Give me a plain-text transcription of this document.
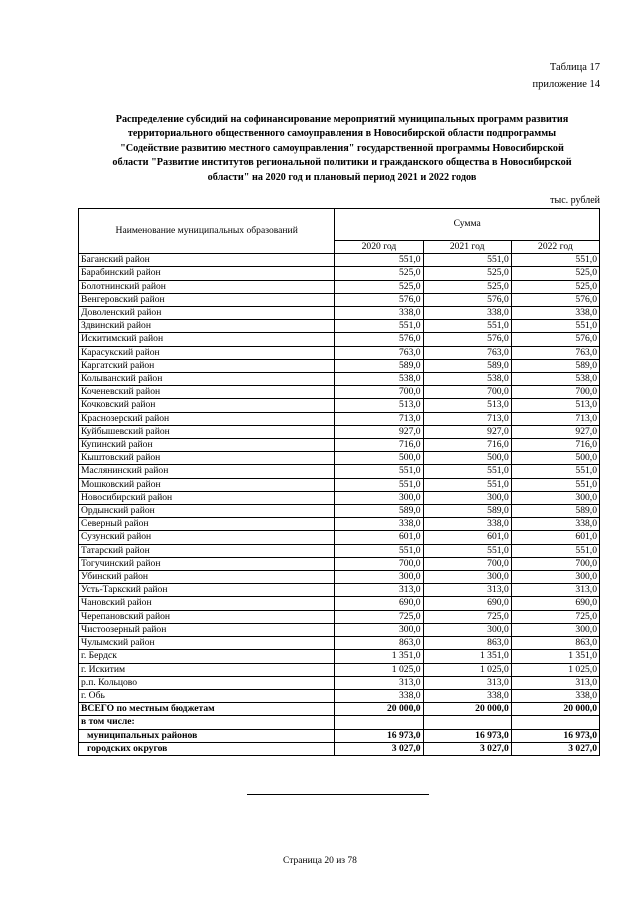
Таблица 17
приложение 14
Распределение субсидий на софинансирование мероприятий муниципальных программ развития
территориального общественного самоуправления в Новосибирской области подпрограммы
"Содействие развитию местного самоуправления" государственной программы Новосибирской
области "Развитие институтов региональной политики и гражданского общества в Новосибирской
области" на 2020 год и плановый период 2021 и 2022 годов
тыс. рублей
Наименование муниципальных образований	Сумма		
	2020 год	2021 год	2022 год
Баганский район	551,0	551,0	551,0
Барабинский район	525,0	525,0	525,0
Болотнинский район	525,0	525,0	525,0
Венгеровский район	576,0	576,0	576,0
Доволенский район	338,0	338,0	338,0
Здвинский район	551,0	551,0	551,0
Искитимский район	576,0	576,0	576,0
Карасукский район	763,0	763,0	763,0
Каргатский район	589,0	589,0	589,0
Колыванский район	538,0	538,0	538,0
Коченевский район	700,0	700,0	700,0
Кочковский район	513,0	513,0	513,0
Краснозерский район	713,0	713,0	713,0
Куйбышевский район	927,0	927,0	927,0
Купинский район	716,0	716,0	716,0
Кыштовский район	500,0	500,0	500,0
Маслянинский район	551,0	551,0	551,0
Мошковский район	551,0	551,0	551,0
Новосибирский район	300,0	300,0	300,0
Ордынский район	589,0	589,0	589,0
Северный район	338,0	338,0	338,0
Сузунский район	601,0	601,0	601,0
Татарский район	551,0	551,0	551,0
Тогучинский район	700,0	700,0	700,0
Убинский район	300,0	300,0	300,0
Усть-Таркский район	313,0	313,0	313,0
Чановский район	690,0	690,0	690,0
Черепановский район	725,0	725,0	725,0
Чистоозерный район	300,0	300,0	300,0
Чулымский район	863,0	863,0	863,0
г. Бердск	1 351,0	1 351,0	1 351,0
г. Искитим	1 025,0	1 025,0	1 025,0
р.п. Кольцово	313,0	313,0	313,0
г. Обь	338,0	338,0	338,0
ВСЕГО по местным бюджетам	20 000,0	20 000,0	20 000,0
в том числе:			
муниципальных районов	16 973,0	16 973,0	16 973,0
городских округов	3 027,0	3 027,0	3 027,0
Страница 20 из 78
